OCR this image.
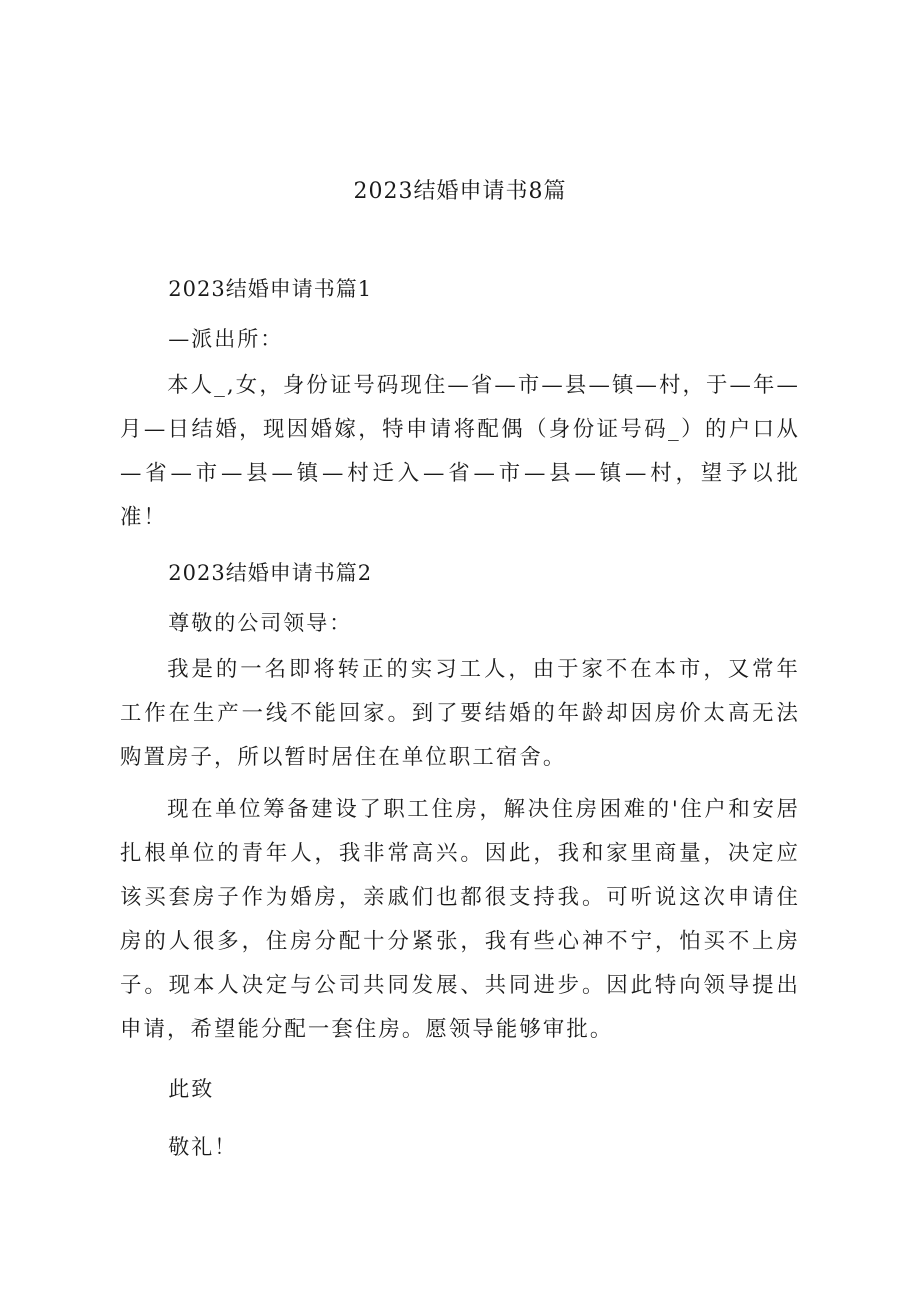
2023结婚申请书8篇

2023结婚申请书篇1

—派出所：

本人_,女，身份证号码现住—省—市—县—镇—村，于—年—月—日结婚，现因婚嫁，特申请将配偶（身份证号码_）的户口从—省—市—县—镇—村迁入—省—市—县—镇—村，望予以批准！

2023结婚申请书篇2

尊敬的公司领导：

我是的一名即将转正的实习工人，由于家不在本市，又常年工作在生产一线不能回家。到了要结婚的年龄却因房价太高无法购置房子，所以暂时居住在单位职工宿舍。

现在单位筹备建设了职工住房，解决住房困难的'住户和安居扎根单位的青年人，我非常高兴。因此，我和家里商量，决定应该买套房子作为婚房，亲戚们也都很支持我。可听说这次申请住房的人很多，住房分配十分紧张，我有些心神不宁，怕买不上房子。现本人决定与公司共同发展、共同进步。因此特向领导提出申请，希望能分配一套住房。愿领导能够审批。

此致

敬礼！
